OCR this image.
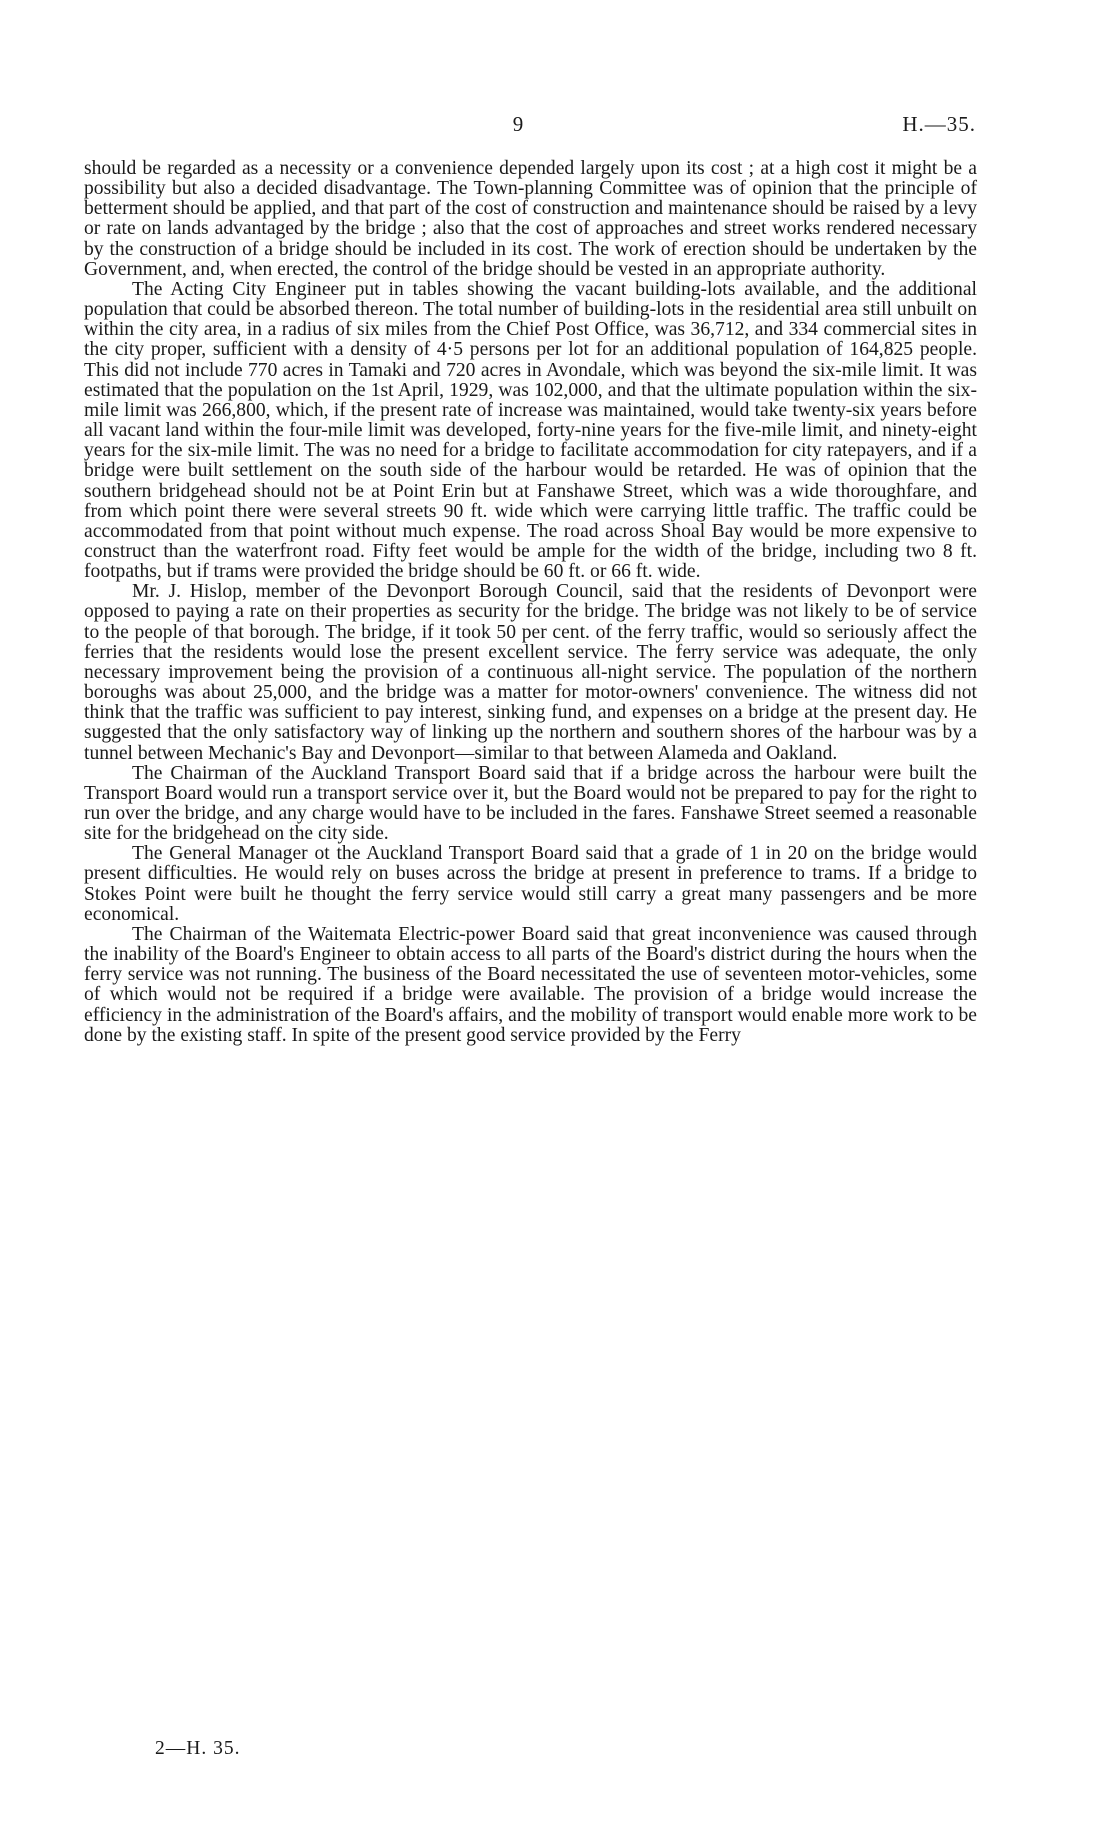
9	H.—35.

should be regarded as a necessity or a convenience depended largely upon its cost ; at a high cost it might be a possibility but also a decided disadvantage. The Town-planning Committee was of opinion that the principle of betterment should be applied, and that part of the cost of construction and maintenance should be raised by a levy or rate on lands advantaged by the bridge ; also that the cost of approaches and street works rendered necessary by the construction of a bridge should be included in its cost. The work of erection should be undertaken by the Government, and, when erected, the control of the bridge should be vested in an appropriate authority.

The Acting City Engineer put in tables showing the vacant building-lots available, and the additional population that could be absorbed thereon. The total number of building-lots in the residential area still unbuilt on within the city area, in a radius of six miles from the Chief Post Office, was 36,712, and 334 commercial sites in the city proper, sufficient with a density of 4·5 persons per lot for an additional population of 164,825 people. This did not include 770 acres in Tamaki and 720 acres in Avondale, which was beyond the six-mile limit. It was estimated that the population on the 1st April, 1929, was 102,000, and that the ultimate population within the six-mile limit was 266,800, which, if the present rate of increase was maintained, would take twenty-six years before all vacant land within the four-mile limit was developed, forty-nine years for the five-mile limit, and ninety-eight years for the six-mile limit. The was no need for a bridge to facilitate accommodation for city ratepayers, and if a bridge were built settlement on the south side of the harbour would be retarded. He was of opinion that the southern bridgehead should not be at Point Erin but at Fanshawe Street, which was a wide thoroughfare, and from which point there were several streets 90 ft. wide which were carrying little traffic. The traffic could be accommodated from that point without much expense. The road across Shoal Bay would be more expensive to construct than the waterfront road. Fifty feet would be ample for the width of the bridge, including two 8 ft. footpaths, but if trams were provided the bridge should be 60 ft. or 66 ft. wide.

Mr. J. Hislop, member of the Devonport Borough Council, said that the residents of Devonport were opposed to paying a rate on their properties as security for the bridge. The bridge was not likely to be of service to the people of that borough. The bridge, if it took 50 per cent. of the ferry traffic, would so seriously affect the ferries that the residents would lose the present excellent service. The ferry service was adequate, the only necessary improvement being the provision of a continuous all-night service. The population of the northern boroughs was about 25,000, and the bridge was a matter for motor-owners' convenience. The witness did not think that the traffic was sufficient to pay interest, sinking fund, and expenses on a bridge at the present day. He suggested that the only satisfactory way of linking up the northern and southern shores of the harbour was by a tunnel between Mechanic's Bay and Devonport—similar to that between Alameda and Oakland.

The Chairman of the Auckland Transport Board said that if a bridge across the harbour were built the Transport Board would run a transport service over it, but the Board would not be prepared to pay for the right to run over the bridge, and any charge would have to be included in the fares. Fanshawe Street seemed a reasonable site for the bridgehead on the city side.

The General Manager ot the Auckland Transport Board said that a grade of 1 in 20 on the bridge would present difficulties. He would rely on buses across the bridge at present in preference to trams. If a bridge to Stokes Point were built he thought the ferry service would still carry a great many passengers and be more economical.

The Chairman of the Waitemata Electric-power Board said that great inconvenience was caused through the inability of the Board's Engineer to obtain access to all parts of the Board's district during the hours when the ferry service was not running. The business of the Board necessitated the use of seventeen motor-vehicles, some of which would not be required if a bridge were available. The provision of a bridge would increase the efficiency in the administration of the Board's affairs, and the mobility of transport would enable more work to be done by the existing staff. In spite of the present good service provided by the Ferry

2—H. 35.
